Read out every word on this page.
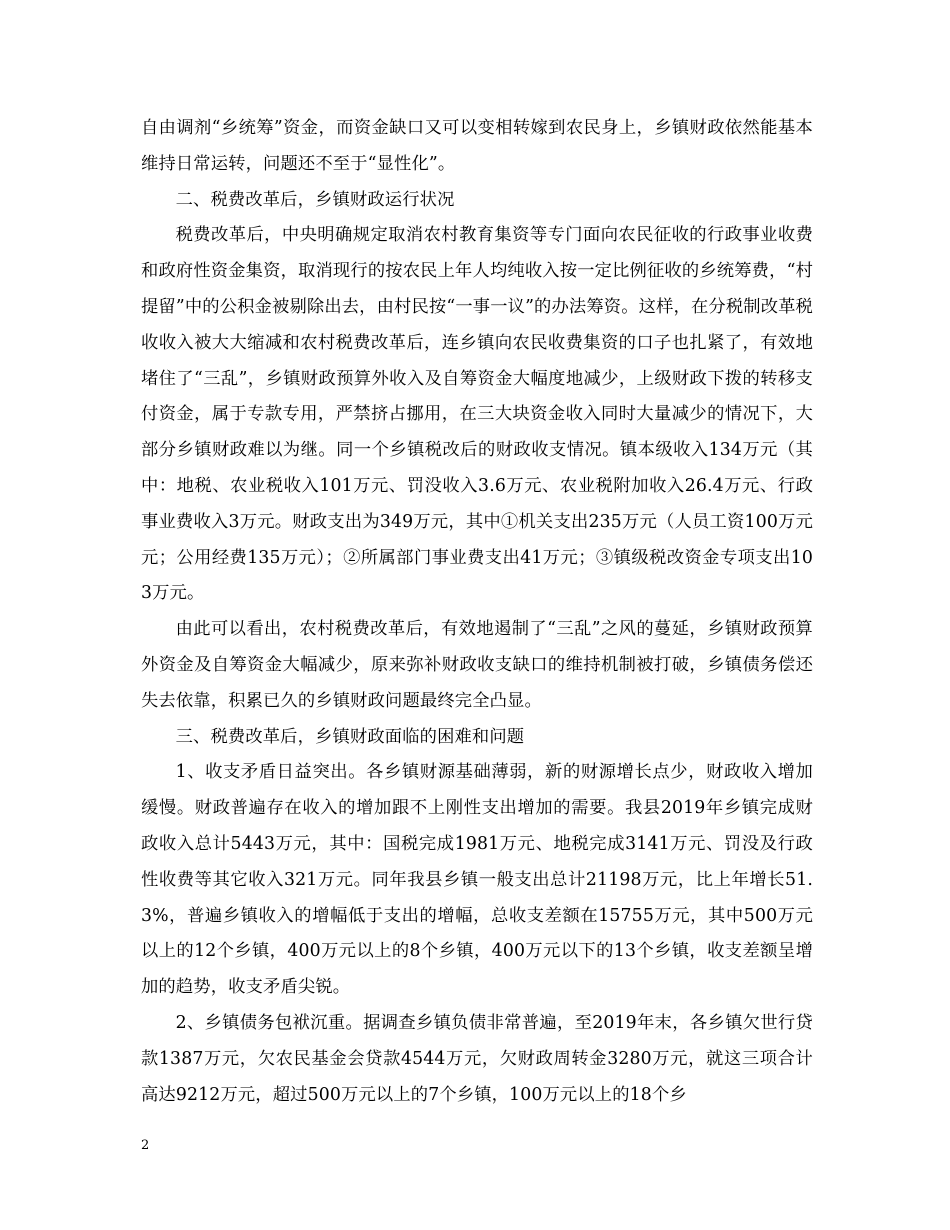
自由调剂“乡统筹”资金，而资金缺口又可以变相转嫁到农民身上，乡镇财政依然能基本维持日常运转，问题还不至于“显性化”。

二、税费改革后，乡镇财政运行状况

税费改革后，中央明确规定取消农村教育集资等专门面向农民征收的行政事业收费和政府性资金集资，取消现行的按农民上年人均纯收入按一定比例征收的乡统筹费，“村提留”中的公积金被剔除出去，由村民按“一事一议”的办法筹资。这样，在分税制改革税收收入被大大缩减和农村税费改革后，连乡镇向农民收费集资的口子也扎紧了，有效地堵住了“三乱”，乡镇财政预算外收入及自筹资金大幅度地减少，上级财政下拨的转移支付资金，属于专款专用，严禁挤占挪用，在三大块资金收入同时大量减少的情况下，大部分乡镇财政难以为继。同一个乡镇税改后的财政收支情况。镇本级收入134万元（其中：地税、农业税收入101万元、罚没收入3.6万元、农业税附加收入26.4万元、行政事业费收入3万元。财政支出为349万元，其中①机关支出235万元（人员工资100万元元；公用经费135万元）；②所属部门事业费支出41万元；③镇级税改资金专项支出103万元。

由此可以看出，农村税费改革后，有效地遏制了“三乱”之风的蔓延，乡镇财政预算外资金及自筹资金大幅减少，原来弥补财政收支缺口的维持机制被打破，乡镇债务偿还失去依靠，积累已久的乡镇财政问题最终完全凸显。

三、税费改革后，乡镇财政面临的困难和问题

1、收支矛盾日益突出。各乡镇财源基础薄弱，新的财源增长点少，财政收入增加缓慢。财政普遍存在收入的增加跟不上刚性支出增加的需要。我县2019年乡镇完成财政收入总计5443万元，其中：国税完成1981万元、地税完成3141万元、罚没及行政性收费等其它收入321万元。同年我县乡镇一般支出总计21198万元，比上年增长51.3%，普遍乡镇收入的增幅低于支出的增幅，总收支差额在15755万元，其中500万元以上的12个乡镇，400万元以上的8个乡镇，400万元以下的13个乡镇，收支差额呈增加的趋势，收支矛盾尖锐。

2、乡镇债务包袱沉重。据调查乡镇负债非常普遍，至2019年末，各乡镇欠世行贷款1387万元，欠农民基金会贷款4544万元，欠财政周转金3280万元，就这三项合计高达9212万元，超过500万元以上的7个乡镇，100万元以上的18个乡

2
